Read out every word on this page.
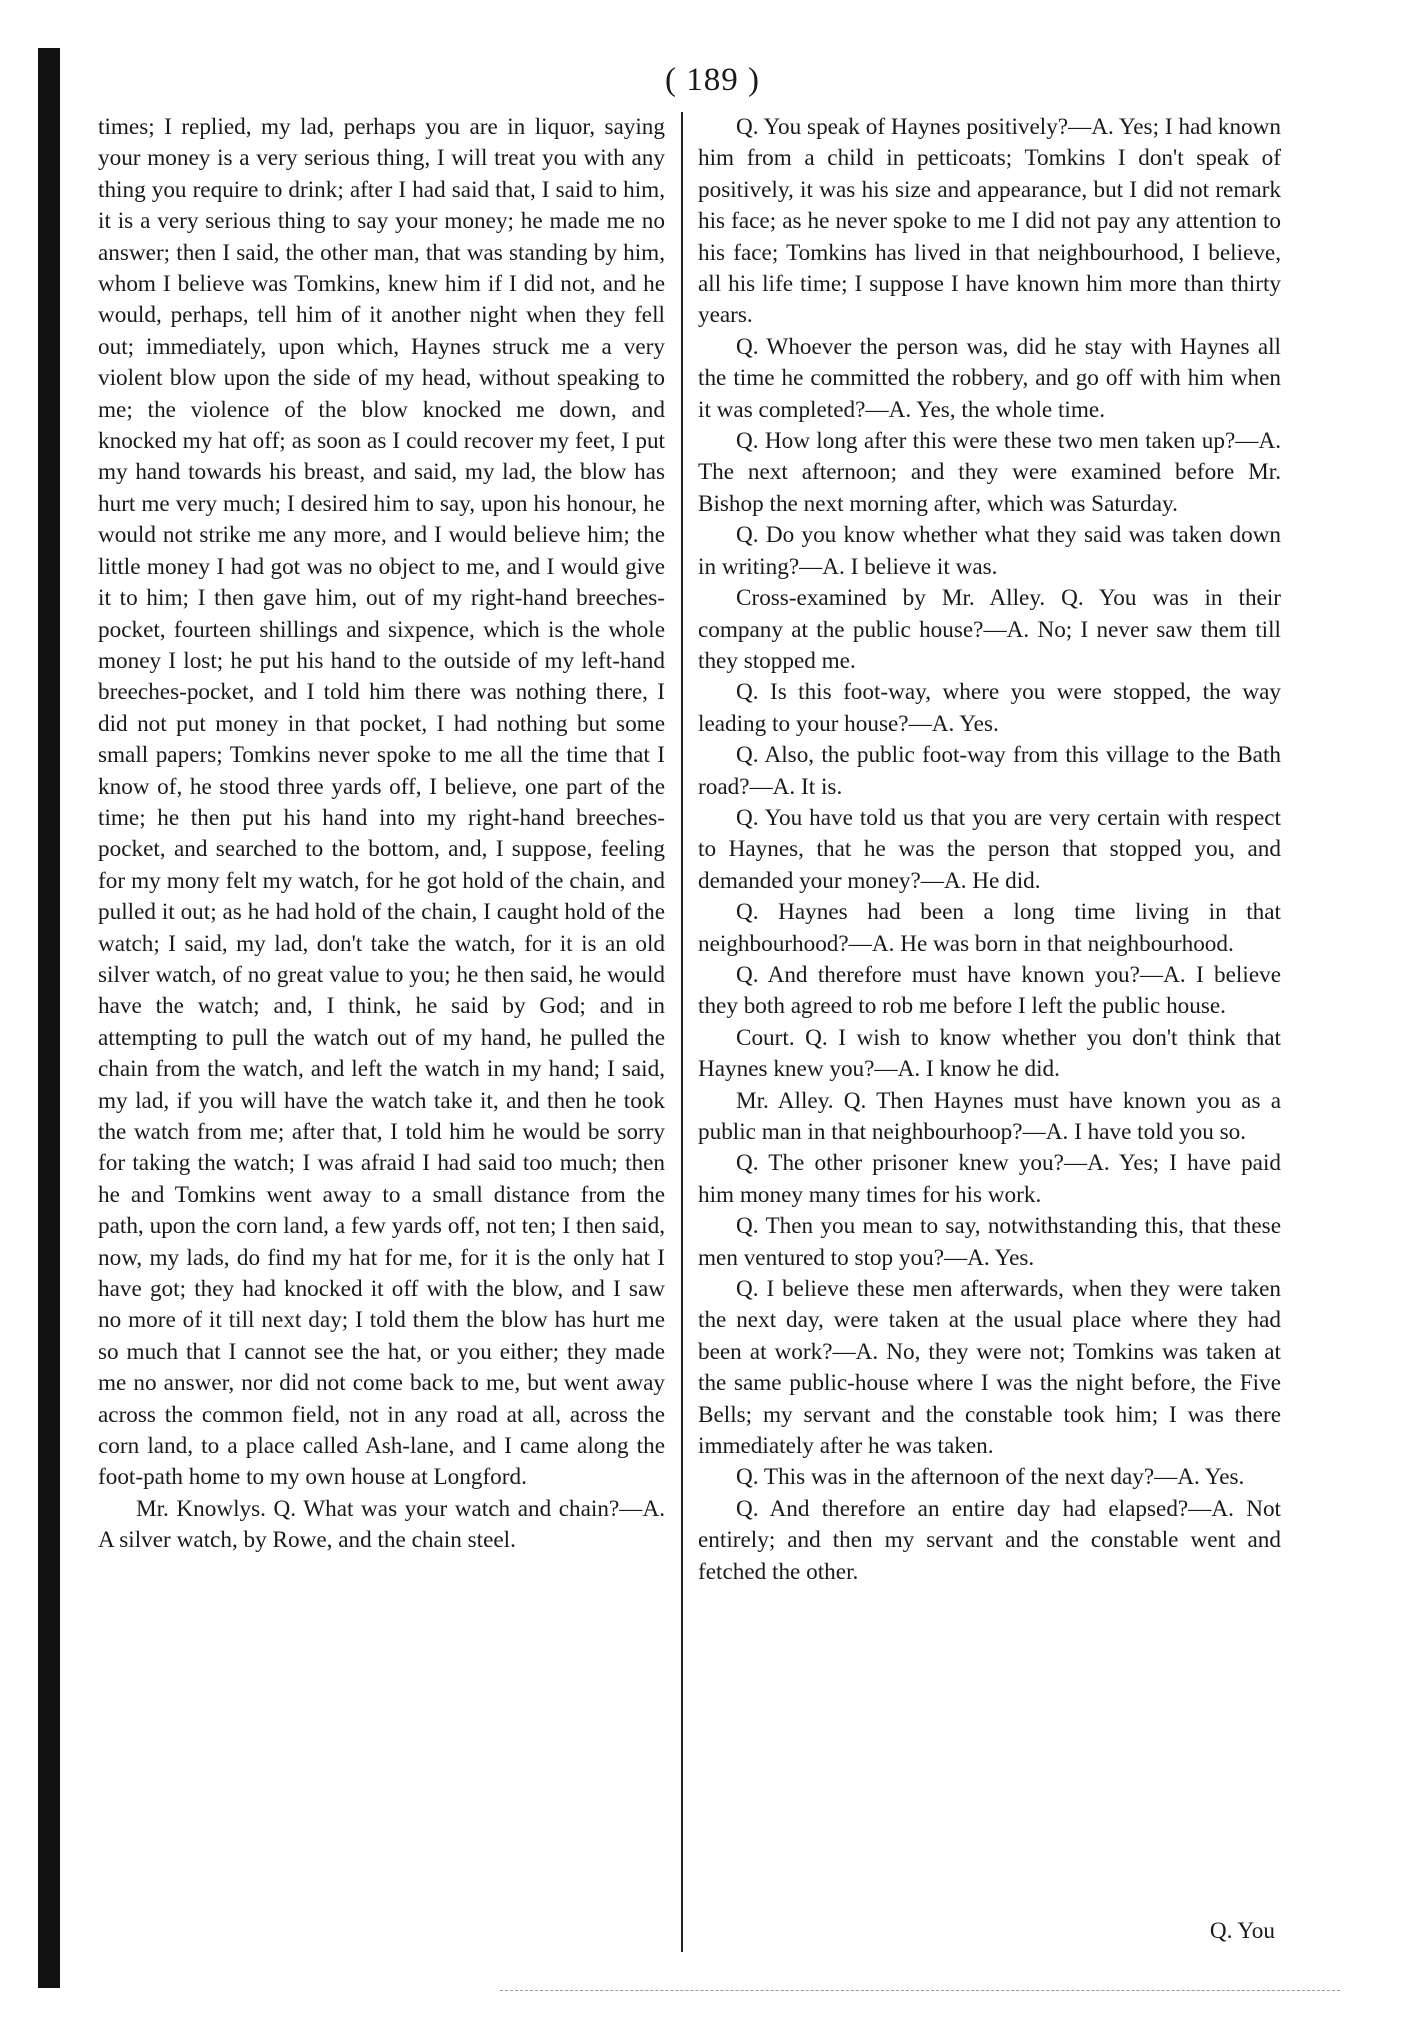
( 189 )

times; I replied, my lad, perhaps you are in liquor, saying your money is a very serious thing, I will treat you with any thing you require to drink; after I had said that, I said to him, it is a very serious thing to say your money; he made me no answer; then I said, the other man, that was standing by him, whom I believe was Tomkins, knew him if I did not, and he would, perhaps, tell him of it another night when they fell out; immediately, upon which, Haynes struck me a very violent blow upon the side of my head, without speaking to me; the violence of the blow knocked me down, and knocked my hat off; as soon as I could recover my feet, I put my hand towards his breast, and said, my lad, the blow has hurt me very much; I desired him to say, upon his honour, he would not strike me any more, and I would believe him; the little money I had got was no object to me, and I would give it to him; I then gave him, out of my right-hand breeches-pocket, fourteen shillings and sixpence, which is the whole money I lost; he put his hand to the outside of my left-hand breeches-pocket, and I told him there was nothing there, I did not put money in that pocket, I had nothing but some small papers; Tomkins never spoke to me all the time that I know of, he stood three yards off, I believe, one part of the time; he then put his hand into my right-hand breeches-pocket, and searched to the bottom, and, I suppose, feeling for my mony felt my watch, for he got hold of the chain, and pulled it out; as he had hold of the chain, I caught hold of the watch; I said, my lad, don't take the watch, for it is an old silver watch, of no great value to you; he then said, he would have the watch; and, I think, he said by God; and in attempting to pull the watch out of my hand, he pulled the chain from the watch, and left the watch in my hand; I said, my lad, if you will have the watch take it, and then he took the watch from me; after that, I told him he would be sorry for taking the watch; I was afraid I had said too much; then he and Tomkins went away to a small distance from the path, upon the corn land, a few yards off, not ten; I then said, now, my lads, do find my hat for me, for it is the only hat I have got; they had knocked it off with the blow, and I saw no more of it till next day; I told them the blow has hurt me so much that I cannot see the hat, or you either; they made me no answer, nor did not come back to me, but went away across the common field, not in any road at all, across the corn land, to a place called Ash-lane, and I came along the foot-path home to my own house at Longford.

Mr. Knowlys. Q. What was your watch and chain?—A. A silver watch, by Rowe, and the chain steel.

Q. You speak of Haynes positively?—A. Yes; I had known him from a child in petticoats; Tomkins I don't speak of positively, it was his size and appearance, but I did not remark his face; as he never spoke to me I did not pay any attention to his face; Tomkins has lived in that neighbourhood, I believe, all his life time; I suppose I have known him more than thirty years.

Q. Whoever the person was, did he stay with Haynes all the time he committed the robbery, and go off with him when it was completed?—A. Yes, the whole time.

Q. How long after this were these two men taken up?—A. The next afternoon; and they were examined before Mr. Bishop the next morning after, which was Saturday.

Q. Do you know whether what they said was taken down in writing?—A. I believe it was.

Cross-examined by Mr. Alley. Q. You was in their company at the public house?—A. No; I never saw them till they stopped me.

Q. Is this foot-way, where you were stopped, the way leading to your house?—A. Yes.

Q. Also, the public foot-way from this village to the Bath road?—A. It is.

Q. You have told us that you are very certain with respect to Haynes, that he was the person that stopped you, and demanded your money?—A. He did.

Q. Haynes had been a long time living in that neighbourhood?—A. He was born in that neighbourhood.

Q. And therefore must have known you?—A. I believe they both agreed to rob me before I left the public house.

Court. Q. I wish to know whether you don't think that Haynes knew you?—A. I know he did.

Mr. Alley. Q. Then Haynes must have known you as a public man in that neighbourhoop?—A. I have told you so.

Q. The other prisoner knew you?—A. Yes; I have paid him money many times for his work.

Q. Then you mean to say, notwithstanding this, that these men ventured to stop you?—A. Yes.

Q. I believe these men afterwards, when they were taken the next day, were taken at the usual place where they had been at work?—A. No, they were not; Tomkins was taken at the same public-house where I was the night before, the Five Bells; my servant and the constable took him; I was there immediately after he was taken.

Q. This was in the afternoon of the next day?—A. Yes.

Q. And therefore an entire day had elapsed?—A. Not entirely; and then my servant and the constable went and fetched the other.

Q. You
